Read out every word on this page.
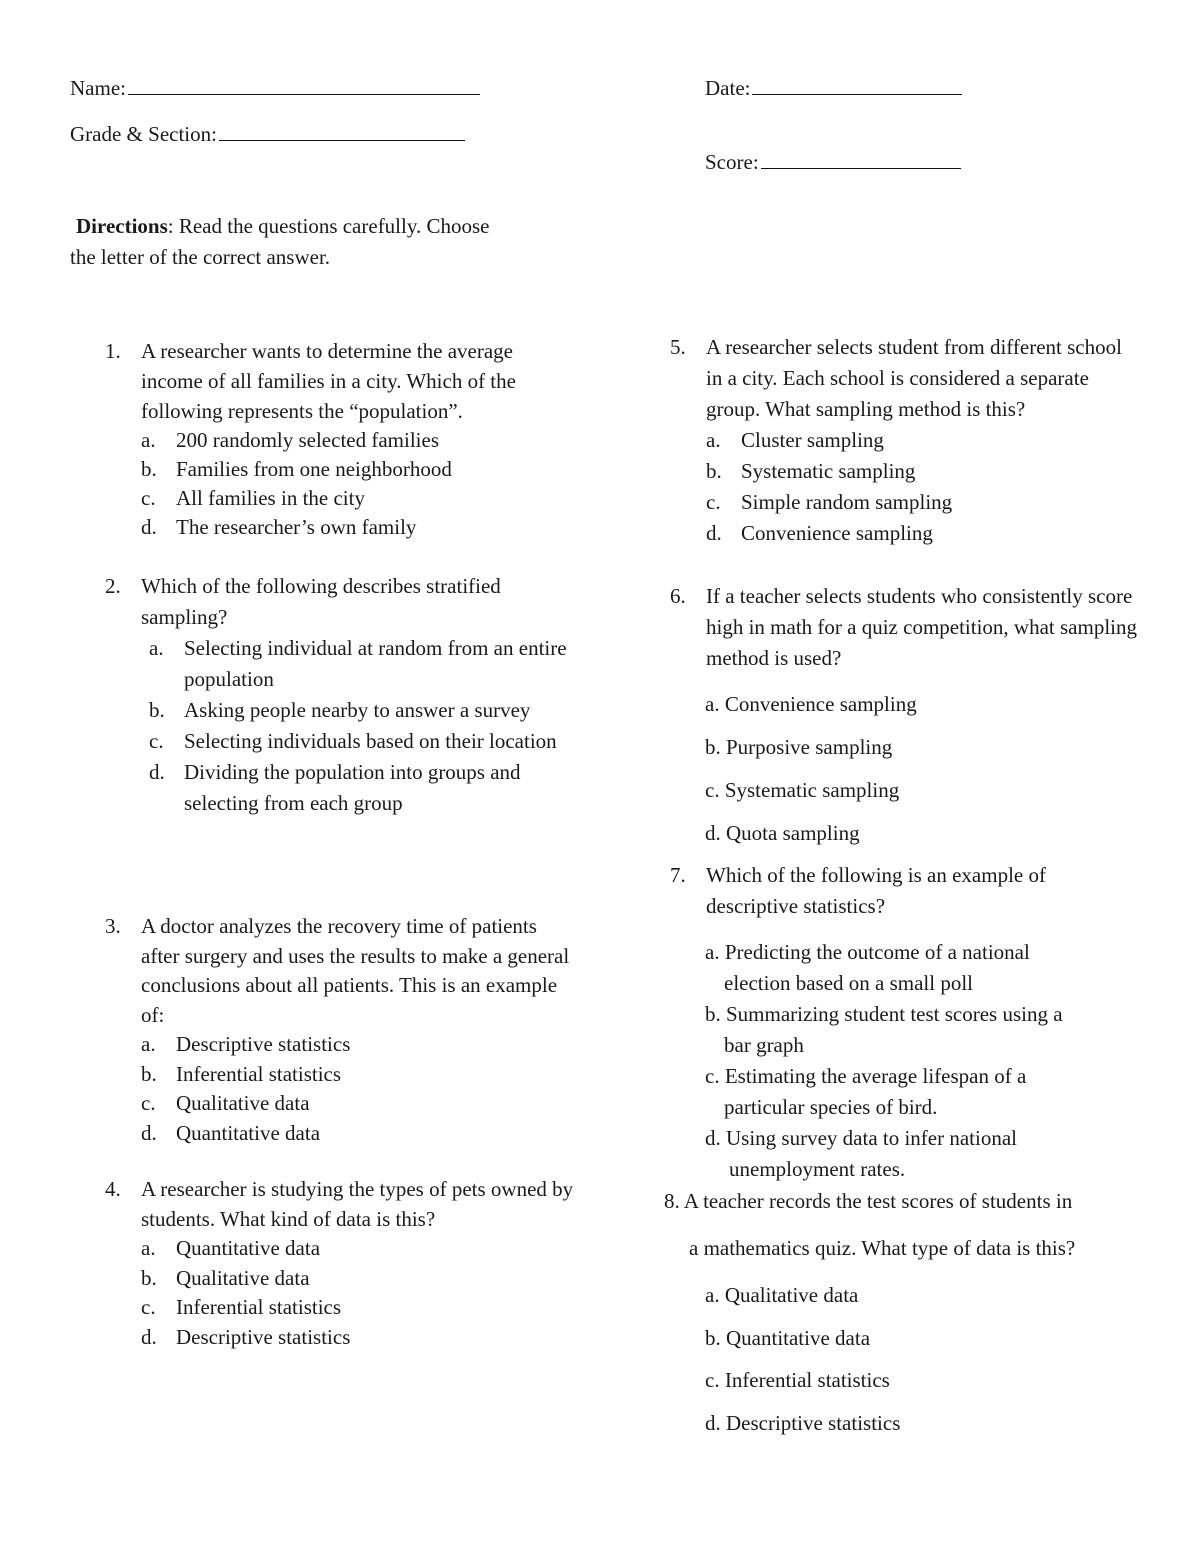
Name:	Date:
Grade & Section:
Score:
Directions: Read the questions carefully. Choose
the letter of the correct answer.
1. A researcher wants to determine the average income of all families in a city. Which of the following represents the “population”.
a. 200 randomly selected families
b. Families from one neighborhood
c. All families in the city
d. The researcher’s own family
2. Which of the following describes stratified sampling?
a. Selecting individual at random from an entire population
b. Asking people nearby to answer a survey
c. Selecting individuals based on their location
d. Dividing the population into groups and selecting from each group
3. A doctor analyzes the recovery time of patients after surgery and uses the results to make a general conclusions about all patients. This is an example of:
a. Descriptive statistics
b. Inferential statistics
c. Qualitative data
d. Quantitative data
4. A researcher is studying the types of pets owned by students. What kind of data is this?
a. Quantitative data
b. Qualitative data
c. Inferential statistics
d. Descriptive statistics
5. A researcher selects student from different school in a city. Each school is considered a separate group. What sampling method is this?
a. Cluster sampling
b. Systematic sampling
c. Simple random sampling
d. Convenience sampling
6. If a teacher selects students who consistently score high in math for a quiz competition, what sampling method is used?
a. Convenience sampling
b. Purposive sampling
c. Systematic sampling
d. Quota sampling
7. Which of the following is an example of descriptive statistics?
a. Predicting the outcome of a national
election based on a small poll
b. Summarizing student test scores using a
bar graph
c. Estimating the average lifespan of a
particular species of bird.
d. Using survey data to infer national
unemployment rates.
8. A teacher records the test scores of students in
a mathematics quiz. What type of data is this?
a. Qualitative data
b. Quantitative data
c. Inferential statistics
d. Descriptive statistics
